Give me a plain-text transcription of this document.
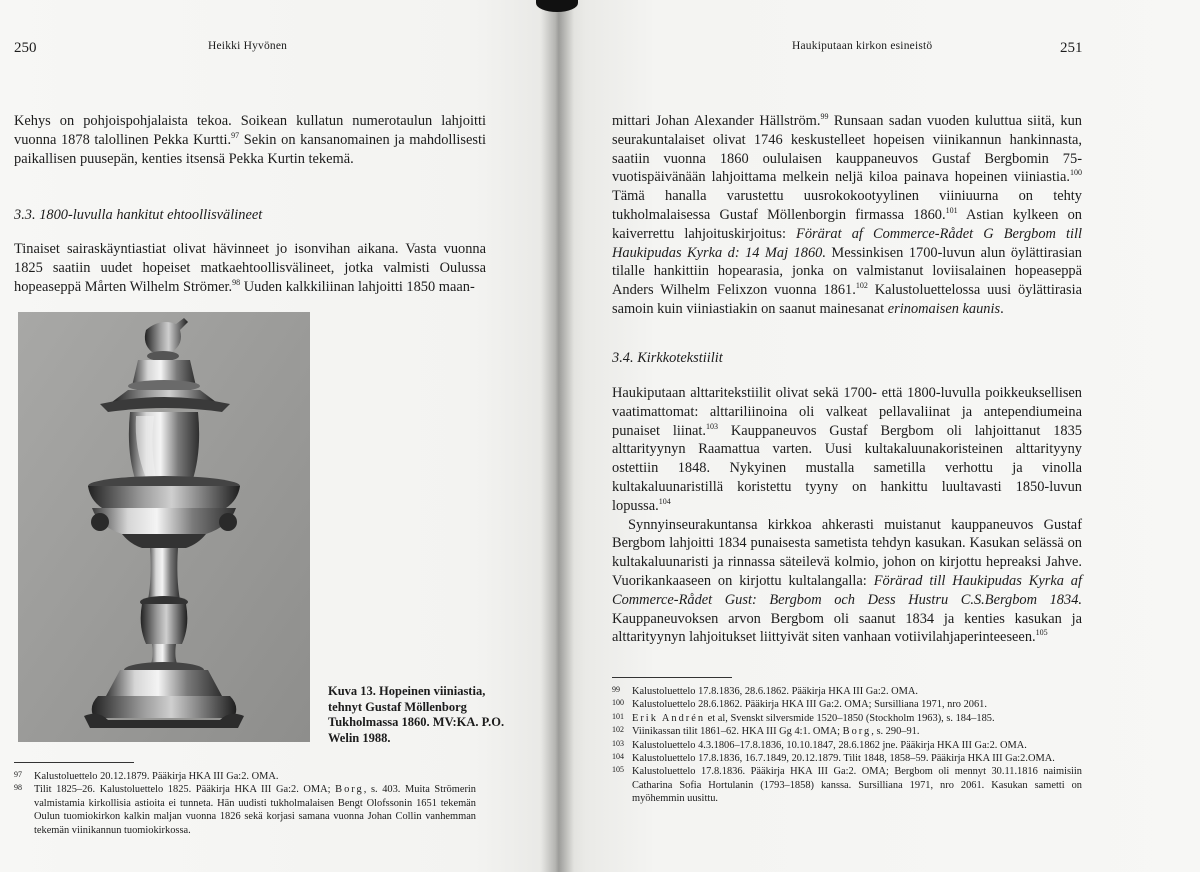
250	Heikki Hyvönen

Kehys on pohjoispohjalaista tekoa. Soikean kullatun numerotaulun lahjoitti vuonna 1878 talollinen Pekka Kurtti.$^{97}$ Sekin on kansanomainen ja mahdollisesti paikallisen puusepän, kenties itsensä Pekka Kurtin tekemä.

3.3. 1800-luvulla hankitut ehtoollisvälineet

Tinaiset sairaskäyntiastiat olivat hävinneet jo isonvihan aikana. Vasta vuonna 1825 saatiin uudet hopeiset matkaehtoollisvälineet, jotka valmisti Oulussa hopeaseppä Mårten Wilhelm Strömer.$^{98}$ Uuden kalkkiliinan lahjoitti 1850 maan-

Kuva 13. Hopeinen viiniastia, tehnyt Gustaf Möllenborg Tukholmassa 1860. MV:KA. P.O. Welin 1988.
97 Kalustoluettelo 20.12.1879. Pääkirja HKA III Ga:2. OMA.
98 Tilit 1825–26. Kalustoluettelo 1825. Pääkirja HKA III Ga:2. OMA; Borg, s. 403. Muita Strömerin valmistamia kirkollisia astioita ei tunneta. Hän uudisti tukholmalaisen Bengt Olofssonin 1651 tekemän Oulun tuomiokirkon kalkin maljan vuonna 1826 sekä korjasi samana vuonna Johan Collin vanhemman tekemän viinikannun tuomiokirkossa.
Haukiputaan kirkon esineistö	251

mittari Johan Alexander Hällström.$^{99}$ Runsaan sadan vuoden kuluttua siitä, kun seurakuntalaiset olivat 1746 keskustelleet hopeisen viinikannun hankinnasta, saatiin vuonna 1860 oululaisen kauppaneuvos Gustaf Bergbomin 75-vuotispäivänään lahjoittama melkein neljä kiloa painava hopeinen viiniastia.$^{100}$ Tämä hanalla varustettu uusrokokootyylinen viiniuurna on tehty tukholmalaisessa Gustaf Möllenborgin firmassa 1860.$^{101}$ Astian kylkeen on kaiverrettu lahjoituskirjoitus: Förärat af Commerce-Rådet G Bergbom till Haukipudas Kyrka d: 14 Maj 1860. Messinkisen 1700-luvun alun öylättirasian tilalle hankittiin hopearasia, jonka on valmistanut loviisalainen hopeaseppä Anders Wilhelm Felixzon vuonna 1861.$^{102}$ Kalustoluettelossa uusi öylättirasia samoin kuin viiniastiakin on saanut mainesanat erinomaisen kaunis.

3.4. Kirkkotekstiilit

Haukiputaan alttaritekstiilit olivat sekä 1700- että 1800-luvulla poikkeuksellisen vaatimattomat: alttariliinoina oli valkeat pellavaliinat ja antependiumeina punaiset liinat.$^{103}$ Kauppaneuvos Gustaf Bergbom oli lahjoittanut 1835 alttarityynyn Raamattua varten. Uusi kultakaluunakoristeinen alttarityyny ostettiin 1848. Nykyinen mustalla sametilla verhottu ja vinolla kultakaluunaristillä koristettu tyyny on hankittu luultavasti 1850-luvun lopussa.$^{104}$

Synnyinseurakuntansa kirkkoa ahkerasti muistanut kauppaneuvos Gustaf Bergbom lahjoitti 1834 punaisesta sametista tehdyn kasukan. Kasukan selässä on kultakaluunaristi ja rinnassa säteilevä kolmio, johon on kirjottu hepreaksi Jahve. Vuorikankaaseen on kirjottu kultalangalla: Förärad till Haukipudas Kyrka af Commerce-Rådet Gust: Bergbom och Dess Hustru C.S.Bergbom 1834. Kauppaneuvoksen arvon Bergbom oli saanut 1834 ja kenties kasukan ja alttarityynyn lahjoitukset liittyivät siten vanhaan votiivilahjaperinteeseen.$^{105}$

99 Kalustoluettelo 17.8.1836, 28.6.1862. Pääkirja HKA III Ga:2. OMA.
100 Kalustoluettelo 28.6.1862. Pääkirja HKA III Ga:2. OMA; Sursilliana 1971, nro 2061.
101 Erik Andrén et al, Svenskt silversmide 1520–1850 (Stockholm 1963), s. 184–185.
102 Viinikassan tilit 1861–62. HKA III Gg 4:1. OMA; Borg, s. 290–91.
103 Kalustoluettelo 4.3.1806–17.8.1836, 10.10.1847, 28.6.1862 jne. Pääkirja HKA III Ga:2. OMA.
104 Kalustoluettelo 17.8.1836, 16.7.1849, 20.12.1879. Tilit 1848, 1858–59. Pääkirja HKA III Ga:2.OMA.
105 Kalustoluettelo 17.8.1836. Pääkirja HKA III Ga:2. OMA; Bergbom oli mennyt 30.11.1816 naimisiin Catharina Sofia Hortulanin (1793–1858) kanssa. Sursilliana 1971, nro 2061. Kasukan sametti on myöhemmin uusittu.
